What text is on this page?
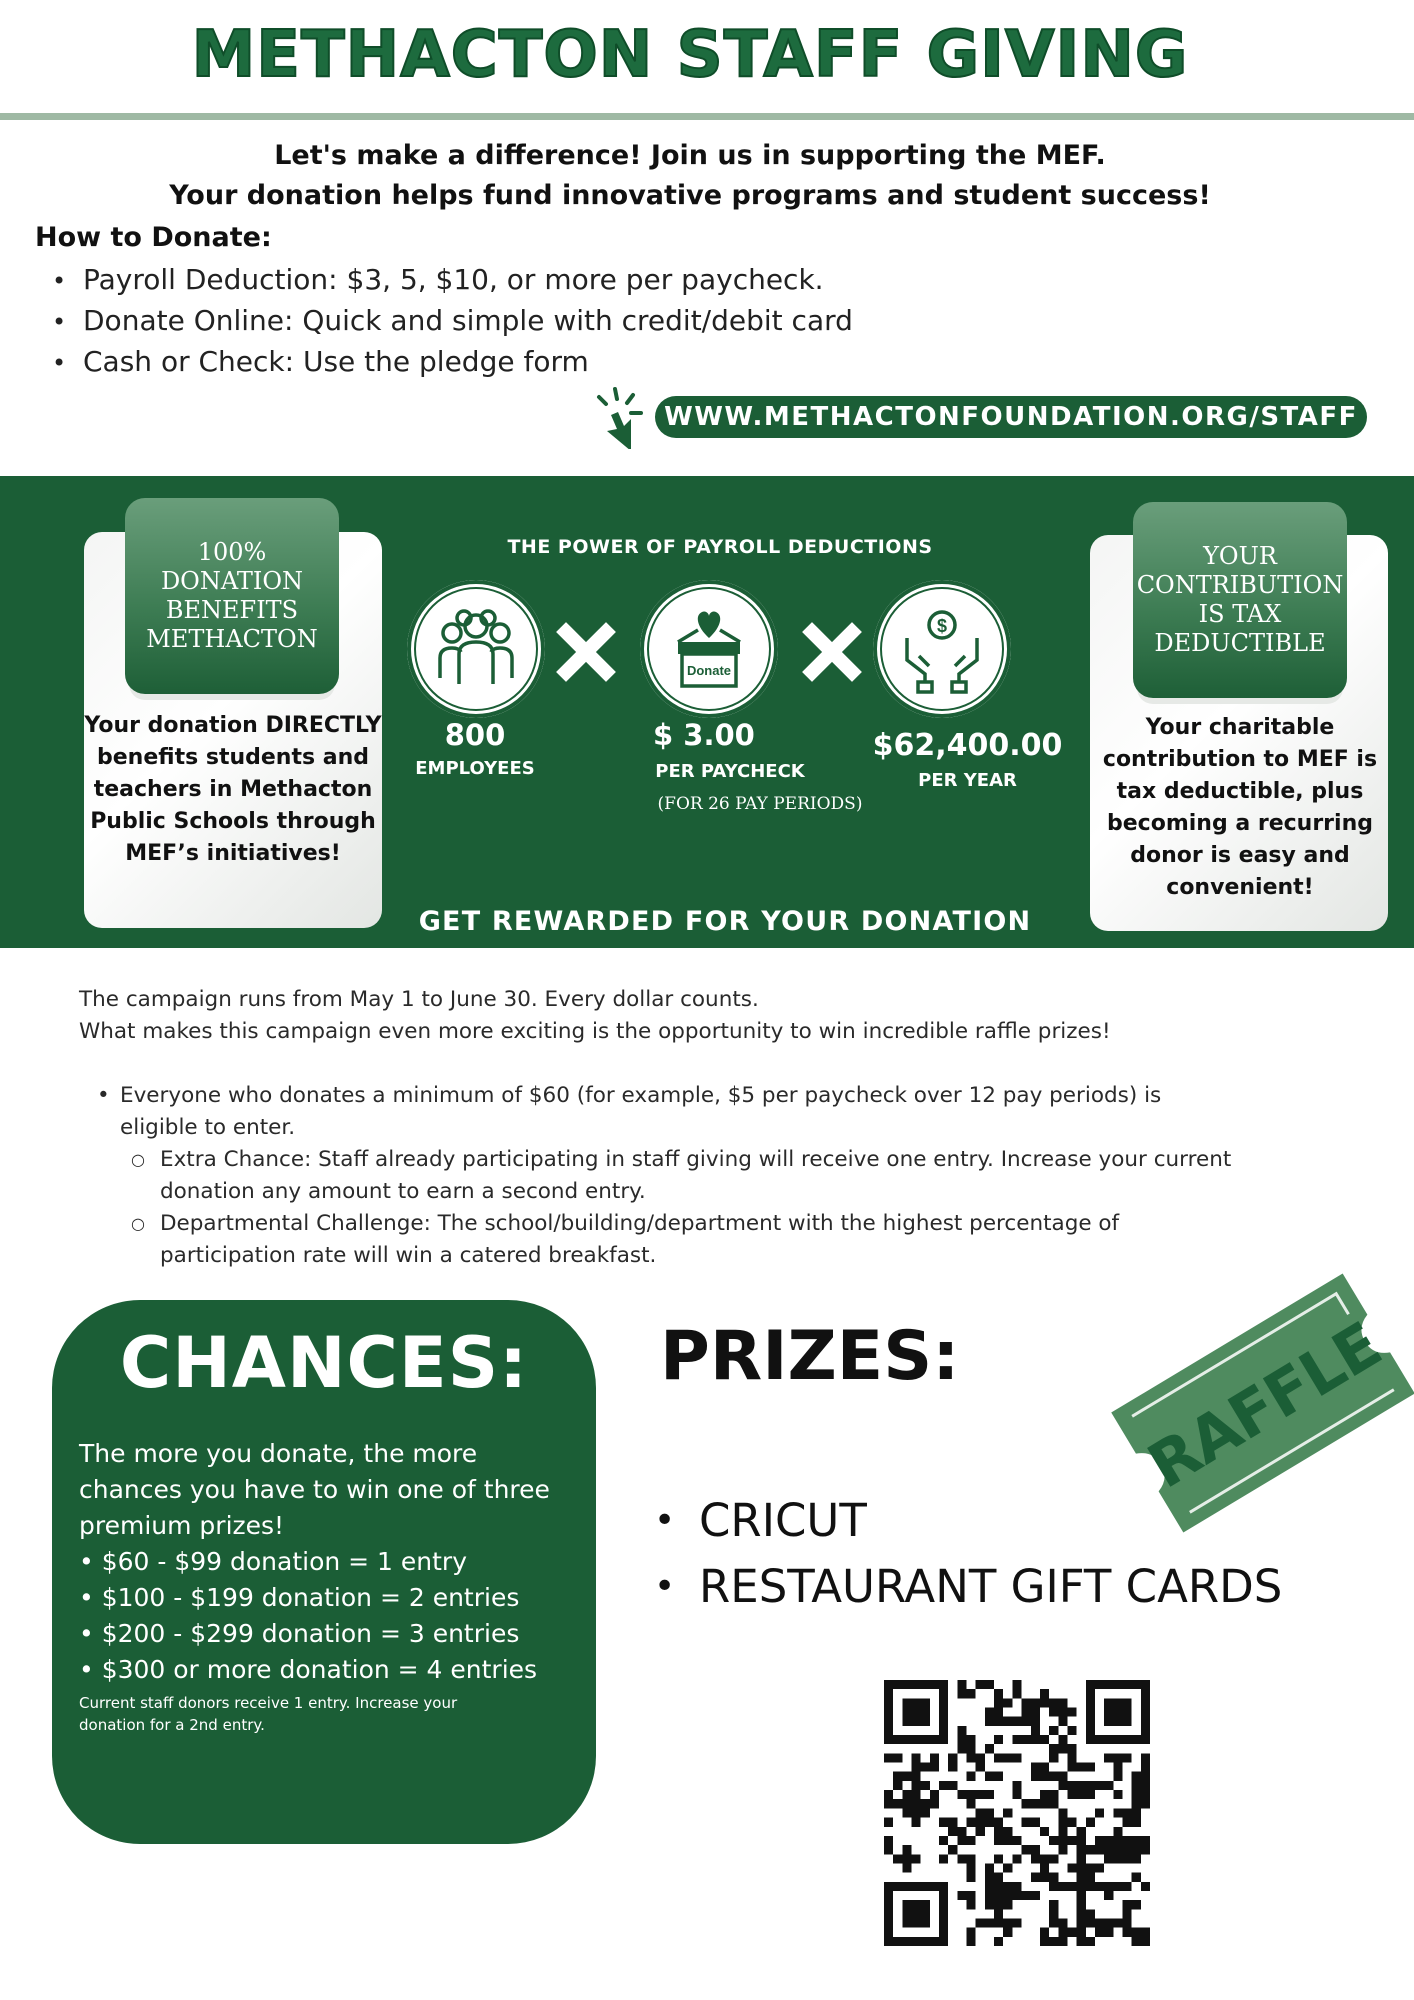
METHACTON STAFF GIVING
Let's make a difference! Join us in supporting the MEF.
Your donation helps fund innovative programs and student success!
How to Donate:
• Payroll Deduction: $3, 5, $10, or more per paycheck.
• Donate Online: Quick and simple with credit/debit card
• Cash or Check: Use the pledge form
WWW.METHACTONFOUNDATION.ORG/STAFF
100% DONATION BENEFITS METHACTON
Your donation DIRECTLY benefits students and teachers in Methacton Public Schools through MEF’s initiatives!
YOUR CONTRIBUTION IS TAX DEDUCTIBLE
Your charitable contribution to MEF is tax deductible, plus becoming a recurring donor is easy and convenient!
THE POWER OF PAYROLL DEDUCTIONS
Donate
$
800
EMPLOYEES
$ 3.00
PER PAYCHECK
(FOR 26 PAY PERIODS)
$62,400.00
PER YEAR
GET REWARDED FOR YOUR DONATION
The campaign runs from May 1 to June 30. Every dollar counts.
What makes this campaign even more exciting is the opportunity to win incredible raffle prizes!
• Everyone who donates a minimum of $60 (for example, $5 per paycheck over 12 pay periods) is
eligible to enter.
○ Extra Chance: Staff already participating in staff giving will receive one entry. Increase your current
donation any amount to earn a second entry.
○ Departmental Challenge: The school/building/department with the highest percentage of
participation rate will win a catered breakfast.
CHANCES:
The more you donate, the more
chances you have to win one of three
premium prizes!
• $60 - $99 donation = 1 entry
• $100 - $199 donation = 2 entries
• $200 - $299 donation = 3 entries
• $300 or more donation = 4 entries
Current staff donors receive 1 entry. Increase your
donation for a 2nd entry.
PRIZES:
• CRICUT
• RESTAURANT GIFT CARDS
RAFFLE
